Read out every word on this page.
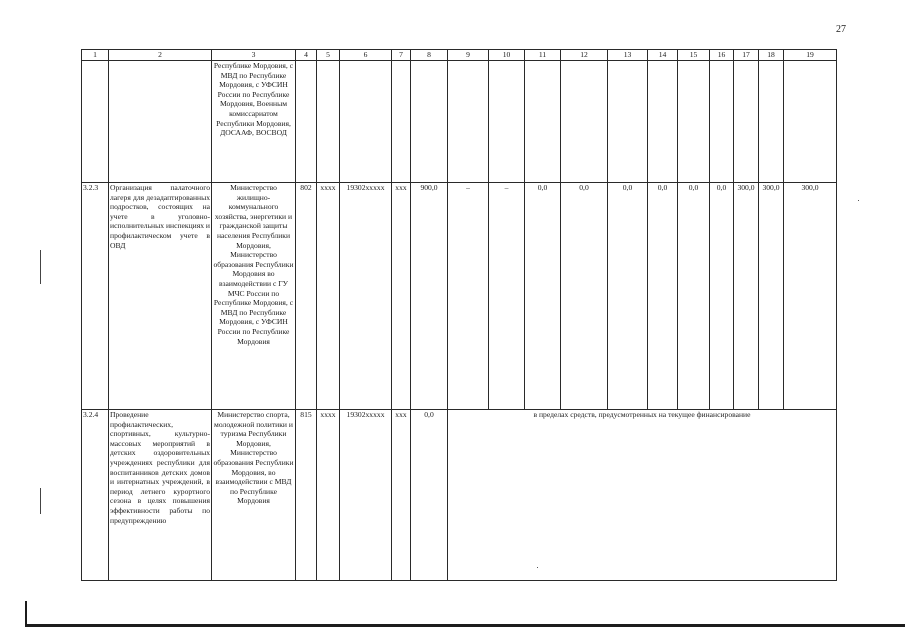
27
1	2	3	4	5	6	7	8	9	10	11	12	13	14	15	16	17	18	19
		Республике Мордовия, с МВД по Республике Мордовия, с УФСИН России по Республике Мордовия, Военным комиссариатом Республики Мордовия, ДОСААФ, ВОСВОД																
3.2.3	Организация палаточного лагеря для дезадаптированных подростков, состоящих на учете в уголовно-исполнительных инспекциях и профилактическом учете в ОВД	Министерство жилищно-коммунального хозяйства, энергетики и гражданской защиты населения Республики Мордовия, Министерство образования Республики Мордовия во взаимодействии с ГУ МЧС России по Республике Мордовия, с МВД по Республике Мордовия, с УФСИН России по Республике Мордовия	802	хххх	19302ххххх	ххх	900,0	–	–	0,0	0,0	0,0	0,0	0,0	0,0	300,0	300,0	300,0
3.2.4	Проведение профилактических, спортивных, культурно-массовых мероприятий в детских оздоровительных учреждениях республики для воспитанников детских домов и интернатных учреждений, в период летнего курортного сезона в целях повышения эффективности работы по предупреждению	Министерство спорта, молодежной политики и туризма Республики Мордовия, Министерство образования Республики Мордовия, во взаимодействии с МВД по Республике Мордовия	815	хххх	19302ххххх	ххх	0,0	в пределах средств, предусмотренных на текущее финансирование										
